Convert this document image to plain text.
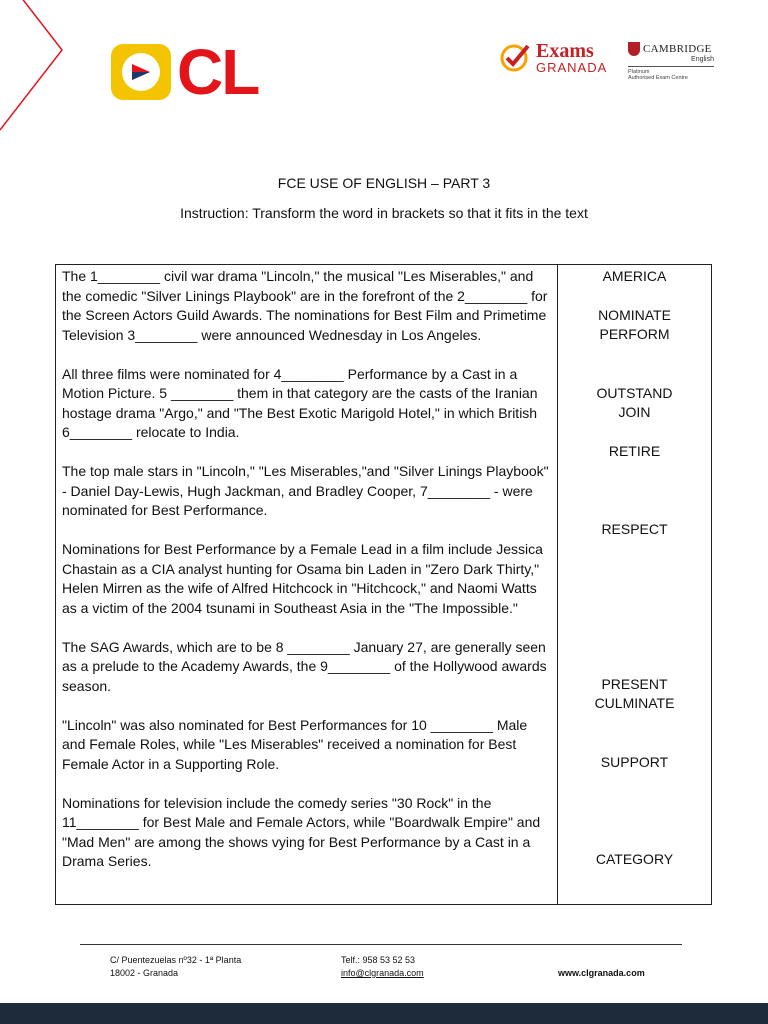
CL	Exams
GRANADA
CAMBRIDGE
English
Platinum
Authorised Exam Centre
FCE USE OF ENGLISH – PART 3
Instruction: Transform the word in brackets so that it fits in the text

The 1________ civil war drama "Lincoln," the musical "Les Miserables," and the comedic "Silver Linings Playbook" are in the forefront of the 2________ for the Screen Actors Guild Awards. The nominations for Best Film and Primetime Television 3________ were announced Wednesday in Los Angeles.

All three films were nominated for 4________ Performance by a Cast in a Motion Picture. 5 ________ them in that category are the casts of the Iranian hostage drama "Argo," and "The Best Exotic Marigold Hotel," in which British 6________ relocate to India.

The top male stars in "Lincoln," "Les Miserables,"and "Silver Linings Playbook" - Daniel Day-Lewis, Hugh Jackman, and Bradley Cooper, 7________ - were nominated for Best Performance.

Nominations for Best Performance by a Female Lead in a film include Jessica Chastain as a CIA analyst hunting for Osama bin Laden in "Zero Dark Thirty," Helen Mirren as the wife of Alfred Hitchcock in "Hitchcock," and Naomi Watts as a victim of the 2004 tsunami in Southeast Asia in the "The Impossible."

The SAG Awards, which are to be 8 ________ January 27, are generally seen as a prelude to the Academy Awards, the 9________ of the Hollywood awards season.

"Lincoln" was also nominated for Best Performances for 10 ________ Male and Female Roles, while "Les Miserables" received a nomination for Best Female Actor in a Supporting Role.

Nominations for television include the comedy series "30 Rock" in the 11________ for Best Male and Female Actors, while "Boardwalk Empire" and "Mad Men" are among the shows vying for Best Performance by a Cast in a Drama Series.

AMERICA
NOMINATE
PERFORM
OUTSTAND
JOIN
RETIRE
RESPECT
PRESENT
CULMINATE
SUPPORT
CATEGORY
C/ Puentezuelas nº32 - 1ª Planta
18002 - Granada
Telf.: 958 53 52 53
info@clgranada.com	www.clgranada.com
